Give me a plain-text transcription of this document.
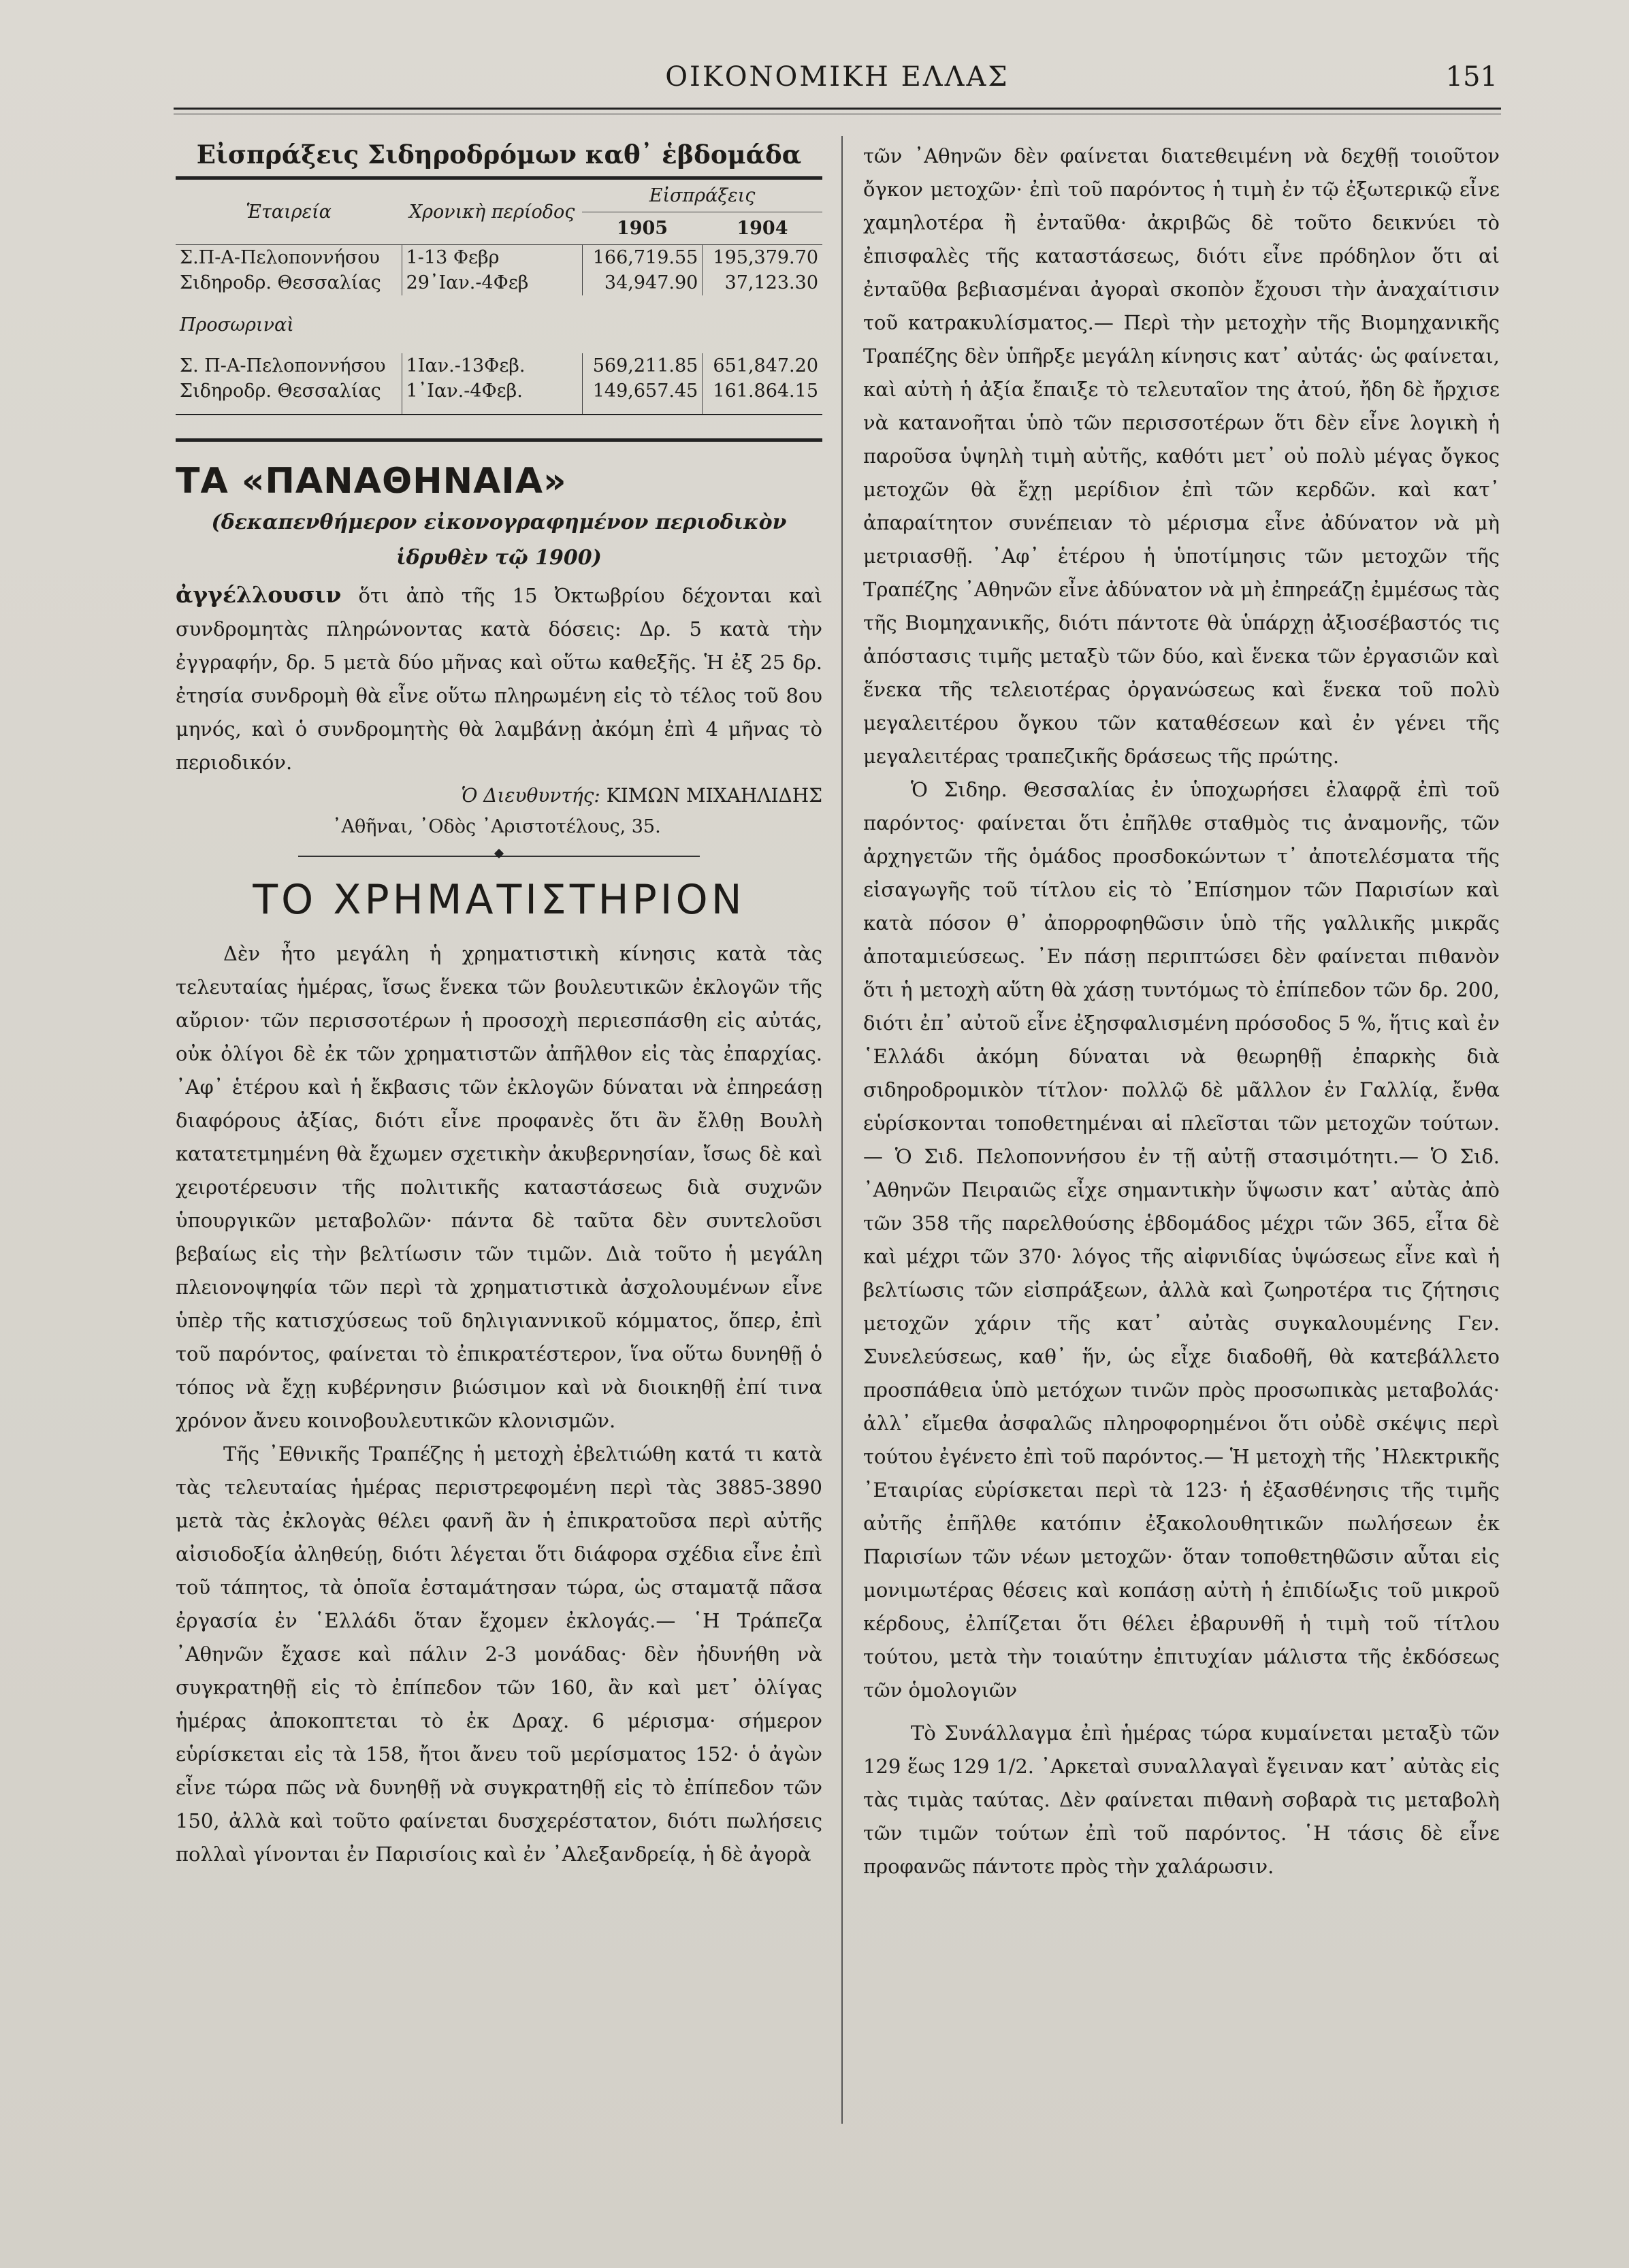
ΟΙΚΟΝΟΜΙΚΗ ΕΛΛΑΣ	151
Εἰσπράξεις Σιδηροδρόμων καθ᾿ ἑβδομάδα
Ἑταιρεία	Χρονικὴ περίοδος	Εἰσπράξεις	
		1905	1904
Σ.Π-Α-Πελοποννήσου	1-13 Φεβρ	166,719.55	195,379.70
Σιδηροδρ. Θεσσαλίας	29᾿Ιαν.-4Φεβ	34,947.90	37,123.30
Προσωριναὶ			
Σ. Π-Α-Πελοποννήσου	1Ιαν.-13Φεβ.	569,211.85	651,847.20
Σιδηροδρ. Θεσσαλίας	1᾿Ιαν.-4Φεβ.	149,657.45	161.864.15
ΤΑ «ΠΑΝΑΘΗΝΑΙΑ»
(δεκαπενθήμερον εἰκονογραφημένον περιοδικὸν
ἱδρυθὲν τῷ 1900)

ἀγγέλλουσιν ὅτι ἀπὸ τῆς 15 Ὀκτωβρίου δέχονται καὶ συνδρομητὰς πληρώνοντας κατὰ δόσεις: Δρ. 5 κατὰ τὴν ἐγγραφήν, δρ. 5 μετὰ δύο μῆνας καὶ οὕτω καθεξῆς. Ἡ ἐξ 25 δρ. ἐτησία συνδρομὴ θὰ εἶνε οὕτω πληρωμένη εἰς τὸ τέλος τοῦ 8ου μηνός, καὶ ὁ συνδρομητὴς θὰ λαμβάνῃ ἀκόμη ἐπὶ 4 μῆνας τὸ περιοδικόν.

Ὁ Διευθυντής: ΚΙΜΩΝ ΜΙΧΑΗΛΙΔΗΣ

᾿Αθῆναι, ᾿Οδὸς ᾿Αριστοτέλους, 35.

ΤΟ ΧΡΗΜΑΤΙΣΤΗΡΙΟΝ

Δὲν ἦτο μεγάλη ἡ χρηματιστικὴ κίνησις κατὰ τὰς τελευταίας ἡμέρας, ἴσως ἕνεκα τῶν βουλευτικῶν ἐκλογῶν τῆς αὔριον· τῶν περισσοτέρων ἡ προσοχὴ περιεσπάσθη εἰς αὐτάς, οὐκ ὀλίγοι δὲ ἐκ τῶν χρηματιστῶν ἀπῆλθον εἰς τὰς ἐπαρχίας. ᾿Αφ᾿ ἑτέρου καὶ ἡ ἔκβασις τῶν ἐκλογῶν δύναται νὰ ἐπηρεάσῃ διαφόρους ἀξίας, διότι εἶνε προφανὲς ὅτι ἂν ἔλθῃ Βουλὴ κατατετμημένη θὰ ἔχωμεν σχετικὴν ἀκυβερνησίαν, ἴσως δὲ καὶ χειροτέρευσιν τῆς πολιτικῆς καταστάσεως διὰ συχνῶν ὑπουργικῶν μεταβολῶν· πάντα δὲ ταῦτα δὲν συντελοῦσι βεβαίως εἰς τὴν βελτίωσιν τῶν τιμῶν. Διὰ τοῦτο ἡ μεγάλη πλειονοψηφία τῶν περὶ τὰ χρηματιστικὰ ἀσχολουμένων εἶνε ὑπὲρ τῆς κατισχύσεως τοῦ δηλιγιαννικοῦ κόμματος, ὅπερ, ἐπὶ τοῦ παρόντος, φαίνεται τὸ ἐπικρατέστερον, ἵνα οὕτω δυνηθῇ ὁ τόπος νὰ ἔχῃ κυβέρνησιν βιώσιμον καὶ νὰ διοικηθῇ ἐπί τινα χρόνον ἄνευ κοινοβουλευτικῶν κλονισμῶν.

Τῆς ᾿Εθνικῆς Τραπέζης ἡ μετοχὴ ἐβελτιώθη κατά τι κατὰ τὰς τελευταίας ἡμέρας περιστρεφομένη περὶ τὰς 3885-3890 μετὰ τὰς ἐκλογὰς θέλει φανῆ ἂν ἡ ἐπικρατοῦσα περὶ αὐτῆς αἰσιοδοξία ἀληθεύῃ, διότι λέγεται ὅτι διάφορα σχέδια εἶνε ἐπὶ τοῦ τάπητος, τὰ ὁποῖα ἐσταμάτησαν τώρα, ὡς σταματᾷ πᾶσα ἐργασία ἐν ῾Ελλάδι ὅταν ἔχομεν ἐκλογάς.— ῾Η Τράπεζα ᾿Αθηνῶν ἔχασε καὶ πάλιν 2-3 μονάδας· δὲν ἠδυνήθη νὰ συγκρατηθῇ εἰς τὸ ἐπίπεδον τῶν 160, ἂν καὶ μετ᾿ ὀλίγας ἡμέρας ἀποκοπτεται τὸ ἐκ Δραχ. 6 μέρισμα· σήμερον εὑρίσκεται εἰς τὰ 158, ἤτοι ἄνευ τοῦ μερίσματος 152· ὁ ἀγὼν εἶνε τώρα πῶς νὰ δυνηθῇ νὰ συγκρατηθῇ εἰς τὸ ἐπίπεδον τῶν 150, ἀλλὰ καὶ τοῦτο φαίνεται δυσχερέστατον, διότι πωλήσεις πολλαὶ γίνονται ἐν Παρισίοις καὶ ἐν ᾿Αλεξανδρείᾳ, ἡ δὲ ἀγορὰ

τῶν ᾿Αθηνῶν δὲν φαίνεται διατεθειμένη νὰ δεχθῇ τοιοῦτον ὄγκον μετοχῶν· ἐπὶ τοῦ παρόντος ἡ τιμὴ ἐν τῷ ἐξωτερικῷ εἶνε χαμηλοτέρα ἢ ἐνταῦθα· ἀκριβῶς δὲ τοῦτο δεικνύει τὸ ἐπισφαλὲς τῆς καταστάσεως, διότι εἶνε πρόδηλον ὅτι αἱ ἐνταῦθα βεβιασμέναι ἀγοραὶ σκοπὸν ἔχουσι τὴν ἀναχαίτισιν τοῦ κατρακυλίσματος.— Περὶ τὴν μετοχὴν τῆς Βιομηχανικῆς Τραπέζης δὲν ὑπῆρξε μεγάλη κίνησις κατ᾿ αὐτάς· ὡς φαίνεται, καὶ αὐτὴ ἡ ἀξία ἔπαιξε τὸ τελευταῖον της ἀτού, ἤδη δὲ ἤρχισε νὰ κατανοῆται ὑπὸ τῶν περισσοτέρων ὅτι δὲν εἶνε λογικὴ ἡ παροῦσα ὑψηλὴ τιμὴ αὐτῆς, καθότι μετ᾿ οὐ πολὺ μέγας ὄγκος μετοχῶν θὰ ἔχῃ μερίδιον ἐπὶ τῶν κερδῶν. καὶ κατ᾿ ἀπαραίτητον συνέπειαν τὸ μέρισμα εἶνε ἀδύνατον νὰ μὴ μετριασθῇ. ᾿Αφ᾿ ἑτέρου ἡ ὑποτίμησις τῶν μετοχῶν τῆς Τραπέζης ᾿Αθηνῶν εἶνε ἀδύνατον νὰ μὴ ἐπηρεάζῃ ἐμμέσως τὰς τῆς Βιομηχανικῆς, διότι πάντοτε θὰ ὑπάρχῃ ἀξιοσέβαστός τις ἀπόστασις τιμῆς μεταξὺ τῶν δύο, καὶ ἕνεκα τῶν ἐργασιῶν καὶ ἕνεκα τῆς τελειοτέρας ὀργανώσεως καὶ ἕνεκα τοῦ πολὺ μεγαλειτέρου ὄγκου τῶν καταθέσεων καὶ ἐν γένει τῆς μεγαλειτέρας τραπεζικῆς δράσεως τῆς πρώτης.

Ὁ Σιδηρ. Θεσσαλίας ἐν ὑποχωρήσει ἐλαφρᾷ ἐπὶ τοῦ παρόντος· φαίνεται ὅτι ἐπῆλθε σταθμὸς τις ἀναμονῆς, τῶν ἀρχηγετῶν τῆς ὁμάδος προσδοκώντων τ᾿ ἀποτελέσματα τῆς εἰσαγωγῆς τοῦ τίτλου εἰς τὸ ᾿Επίσημον τῶν Παρισίων καὶ κατὰ πόσον θ᾿ ἀπορροφηθῶσιν ὑπὸ τῆς γαλλικῆς μικρᾶς ἀποταμιεύσεως. ᾿Εν πάσῃ περιπτώσει δὲν φαίνεται πιθανὸν ὅτι ἡ μετοχὴ αὕτη θὰ χάσῃ τυντόμως τὸ ἐπίπεδον τῶν δρ. 200, διότι ἐπ᾿ αὐτοῦ εἶνε ἐξησφαλισμένη πρόσοδος 5 %, ἥτις καὶ ἐν ῾Ελλάδι ἀκόμη δύναται νὰ θεωρηθῇ ἐπαρκὴς διὰ σιδηροδρομικὸν τίτλον· πολλῷ δὲ μᾶλλον ἐν Γαλλίᾳ, ἔνθα εὑρίσκονται τοποθετημέναι αἱ πλεῖσται τῶν μετοχῶν τούτων.— Ὁ Σιδ. Πελοποννήσου ἐν τῇ αὐτῇ στασιμότητι.— Ὁ Σιδ. ᾿Αθηνῶν Πειραιῶς εἶχε σημαντικὴν ὕψωσιν κατ᾿ αὐτὰς ἀπὸ τῶν 358 τῆς παρελθούσης ἑβδομάδος μέχρι τῶν 365, εἶτα δὲ καὶ μέχρι τῶν 370· λόγος τῆς αἰφνιδίας ὑψώσεως εἶνε καὶ ἡ βελτίωσις τῶν εἰσπράξεων, ἀλλὰ καὶ ζωηροτέρα τις ζήτησις μετοχῶν χάριν τῆς κατ᾿ αὐτὰς συγκαλουμένης Γεν. Συνελεύσεως, καθ᾿ ἥν, ὡς εἶχε διαδοθῆ, θὰ κατεβάλλετο προσπάθεια ὑπὸ μετόχων τινῶν πρὸς προσωπικὰς μεταβολάς· ἀλλ᾿ εἴμεθα ἀσφαλῶς πληροφορημένοι ὅτι οὐδὲ σκέψις περὶ τούτου ἐγένετο ἐπὶ τοῦ παρόντος.— Ἡ μετοχὴ τῆς ᾿Ηλεκτρικῆς ᾿Εταιρίας εὑρίσκεται περὶ τὰ 123· ἡ ἐξασθένησις τῆς τιμῆς αὐτῆς ἐπῆλθε κατόπιν ἐξακολουθητικῶν πωλήσεων ἐκ Παρισίων τῶν νέων μετοχῶν· ὅταν τοποθετηθῶσιν αὗται εἰς μονιμωτέρας θέσεις καὶ κοπάσῃ αὐτὴ ἡ ἐπιδίωξις τοῦ μικροῦ κέρδους, ἐλπίζεται ὅτι θέλει ἐβαρυνθῆ ἡ τιμὴ τοῦ τίτλου τούτου, μετὰ τὴν τοιαύτην ἐπιτυχίαν μάλιστα τῆς ἐκδόσεως τῶν ὁμολογιῶν

Τὸ Συνάλλαγμα ἐπὶ ἡμέρας τώρα κυμαίνεται μεταξὺ τῶν 129 ἕως 129 1/2. ᾿Αρκεταὶ συναλλαγαὶ ἔγειναν κατ᾿ αὐτὰς εἰς τὰς τιμὰς ταύτας. Δὲν φαίνεται πιθανὴ σοβαρὰ τις μεταβολὴ τῶν τιμῶν τούτων ἐπὶ τοῦ παρόντος. ῾Η τάσις δὲ εἶνε προφανῶς πάντοτε πρὸς τὴν χαλάρωσιν.
